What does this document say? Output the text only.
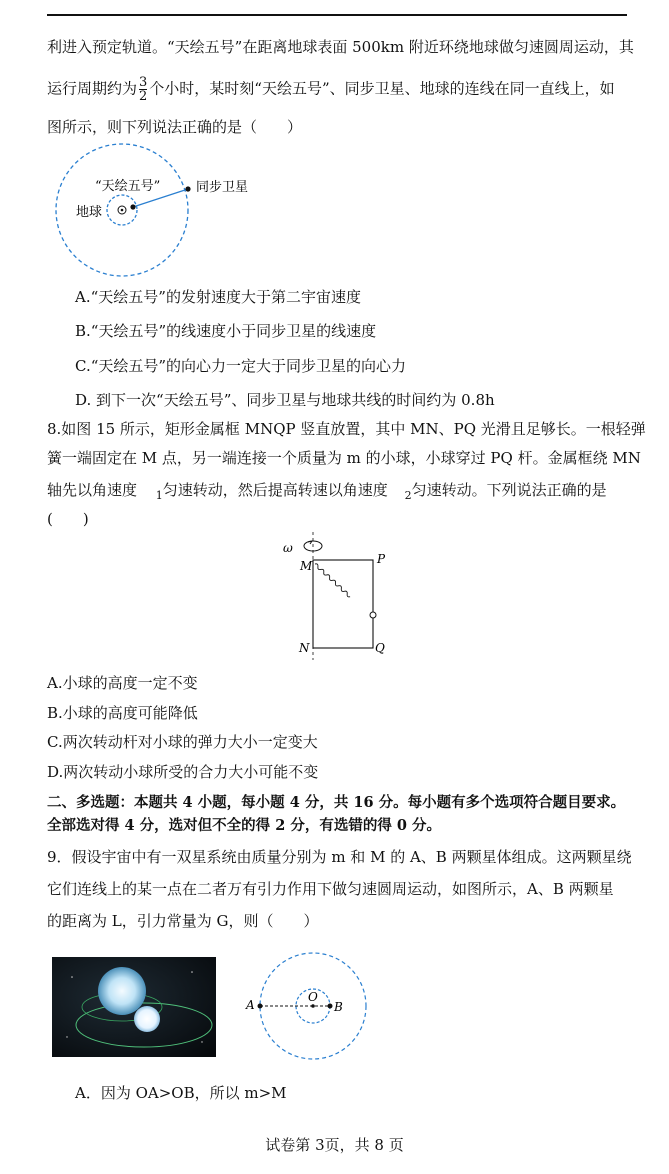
利进入预定轨道。“天绘五号”在距离地球表面 500km 附近环绕地球做匀速圆周运动，其
运行周期约为 $\frac{3}{2}$ 个小时，某时刻“天绘五号”、同步卫星、地球的连线在同一直线上，如
图所示，则下列说法正确的是（　　）
“天绘五号”
地球
同步卫星
A.“天绘五号”的发射速度大于第二宇宙速度
B.“天绘五号”的线速度小于同步卫星的线速度
C.“天绘五号”的向心力一定大于同步卫星的向心力
D. 到下一次“天绘五号”、同步卫星与地球共线的时间约为 0.8h
8.如图 15 所示，矩形金属框 MNQP 竖直放置，其中 MN、PQ 光滑且足够长。一根轻弹
簧一端固定在 M 点，另一端连接一个质量为 m 的小球，小球穿过 PQ 杆。金属框绕 MN
轴先以角速度 $_1$匀速转动，然后提高转速以角速度 $_2$匀速转动。下列说法正确的是
(　　)
ω
M	P
N	Q
A.小球的高度一定不变
B.小球的高度可能降低
C.两次转动杆对小球的弹力大小一定变大
D.两次转动小球所受的合力大小可能不变
二、多选题：本题共 4 小题，每小题 4 分，共 16 分。每小题有多个选项符合题目要求。
全部选对得 4 分，选对但不全的得 2 分，有选错的得 0 分。
9．假设宇宙中有一双星系统由质量分别为 m 和 M 的 A、B 两颗星体组成。这两颗星绕
它们连线上的某一点在二者万有引力作用下做匀速圆周运动，如图所示，A、B 两颗星
的距离为 L，引力常量为 G，则（　　）
A
O
B
A．因为 OA>OB，所以 m>M
试卷第 3页，共 8 页
